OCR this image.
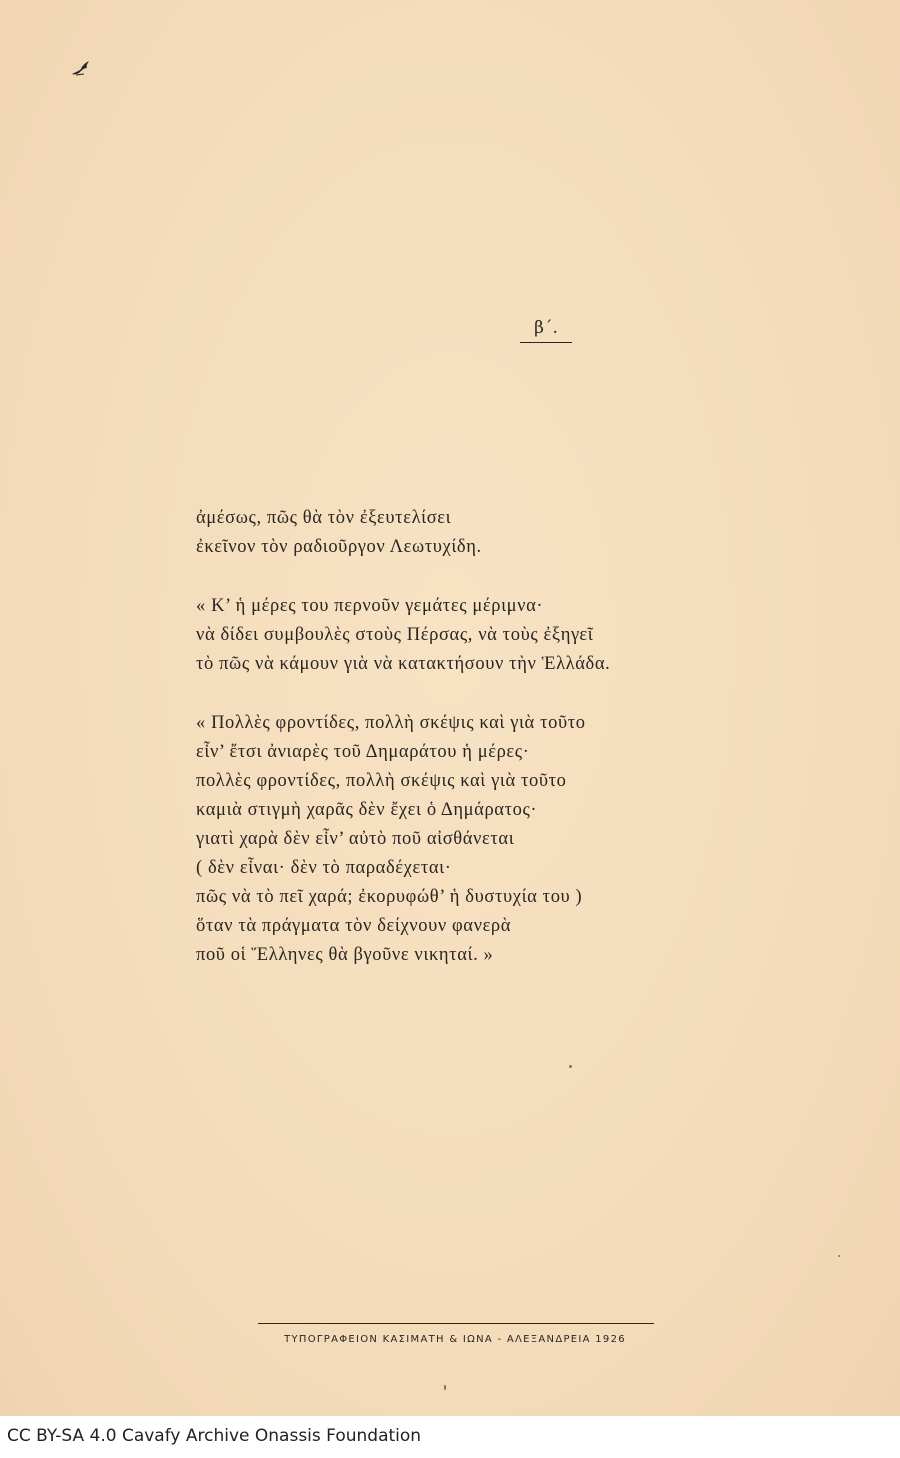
β΄.
ἀμέσως, πῶς θὰ τὸν ἐξευτελίσει
ἐκεῖνον τὸν ραδιοῦργον Λεωτυχίδη.
« Κ’ ἡ μέρες του περνοῦν γεμάτες μέριμνα·
νὰ δίδει συμβουλὲς στοὺς Πέρσας, νὰ τοὺς ἐξηγεῖ
τὸ πῶς νὰ κάμουν γιὰ νὰ κατακτήσουν τὴν Ἑλλάδα.
« Πολλὲς φροντίδες, πολλὴ σκέψις καὶ γιὰ τοῦτο
εἶν’ ἔτσι ἀνιαρὲς τοῦ Δημαράτου ἡ μέρες·
πολλὲς φροντίδες, πολλὴ σκέψις καὶ γιὰ τοῦτο
καμιὰ στιγμὴ χαρᾶς δὲν ἔχει ὁ Δημάρατος·
γιατὶ χαρὰ δὲν εἶν’ αὐτὸ ποῦ αἰσθάνεται
( δὲν εἶναι· δὲν τὸ παραδέχεται·
πῶς νὰ τὸ πεῖ χαρά; ἐκορυφώθ’ ἡ δυστυχία του )
ὅταν τὰ πράγματα τὸν δείχνουν φανερὰ
ποῦ οἱ Ἕλληνες θὰ βγοῦνε νικηταί. »
ΤΥΠΟΓΡΑΦΕΙΟΝ ΚΑΣΙΜΑΤΗ & ΙΩΝΑ - ΑΛΕΞΑΝΔΡΕΙΑ 1926
CC BY-SA 4.0 Cavafy Archive Onassis Foundation
